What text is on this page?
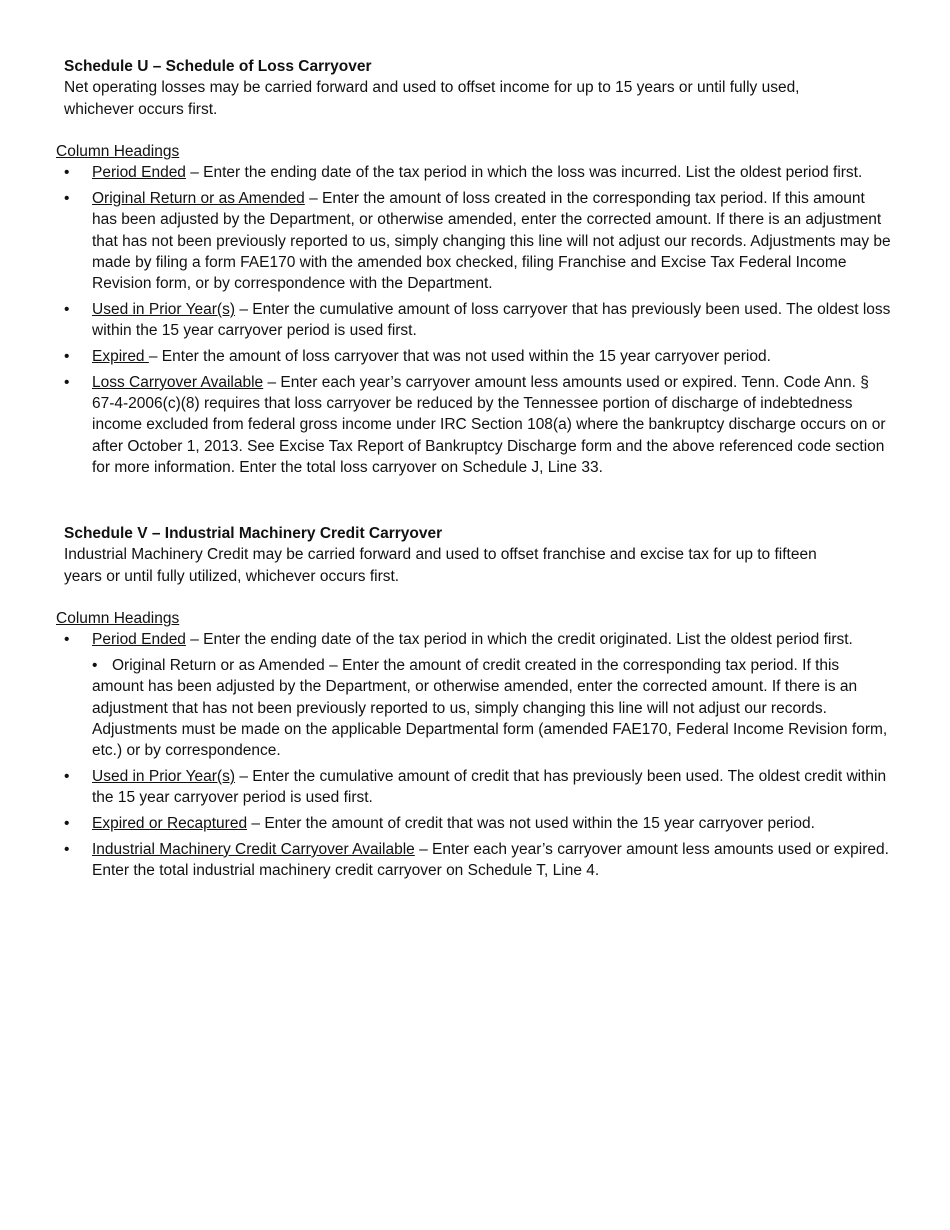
Schedule U – Schedule of Loss Carryover

Net operating losses may be carried forward and used to offset income for up to 15 years or until fully used, whichever occurs first.

Column Headings

• Period Ended – Enter the ending date of the tax period in which the loss was incurred. List the oldest period first.
• Original Return or as Amended – Enter the amount of loss created in the corresponding tax period. If this amount has been adjusted by the Department, or otherwise amended, enter the corrected amount. If there is an adjustment that has not been previously reported to us, simply changing this line will not adjust our records. Adjustments may be made by filing a form FAE170 with the amended box checked, filing Franchise and Excise Tax Federal Income Revision form, or by correspondence with the Department.
• Used in Prior Year(s) – Enter the cumulative amount of loss carryover that has previously been used. The oldest loss within the 15 year carryover period is used first.
• Expired – Enter the amount of loss carryover that was not used within the 15 year carryover period.
• Loss Carryover Available – Enter each year’s carryover amount less amounts used or expired. Tenn. Code Ann. § 67-4-2006(c)(8) requires that loss carryover be reduced by the Tennessee portion of discharge of indebtedness income excluded from federal gross income under IRC Section 108(a) where the bankruptcy discharge occurs on or after October 1, 2013. See Excise Tax Report of Bankruptcy Discharge form and the above referenced code section for more information. Enter the total loss carryover on Schedule J, Line 33.

Schedule V – Industrial Machinery Credit Carryover

Industrial Machinery Credit may be carried forward and used to offset franchise and excise tax for up to fifteen years or until fully utilized, whichever occurs first.

Column Headings

• Period Ended – Enter the ending date of the tax period in which the credit originated. List the oldest period first.
• Original Return or as Amended – Enter the amount of credit created in the corresponding tax period. If this amount has been adjusted by the Department, or otherwise amended, enter the corrected amount. If there is an adjustment that has not been previously reported to us, simply changing this line will not adjust our records. Adjustments must be made on the applicable Departmental form (amended FAE170, Federal Income Revision form, etc.) or by correspondence.
• Used in Prior Year(s) – Enter the cumulative amount of credit that has previously been used. The oldest credit within the 15 year carryover period is used first.
• Expired or Recaptured – Enter the amount of credit that was not used within the 15 year carryover period.
• Industrial Machinery Credit Carryover Available – Enter each year’s carryover amount less amounts used or expired. Enter the total industrial machinery credit carryover on Schedule T, Line 4.
